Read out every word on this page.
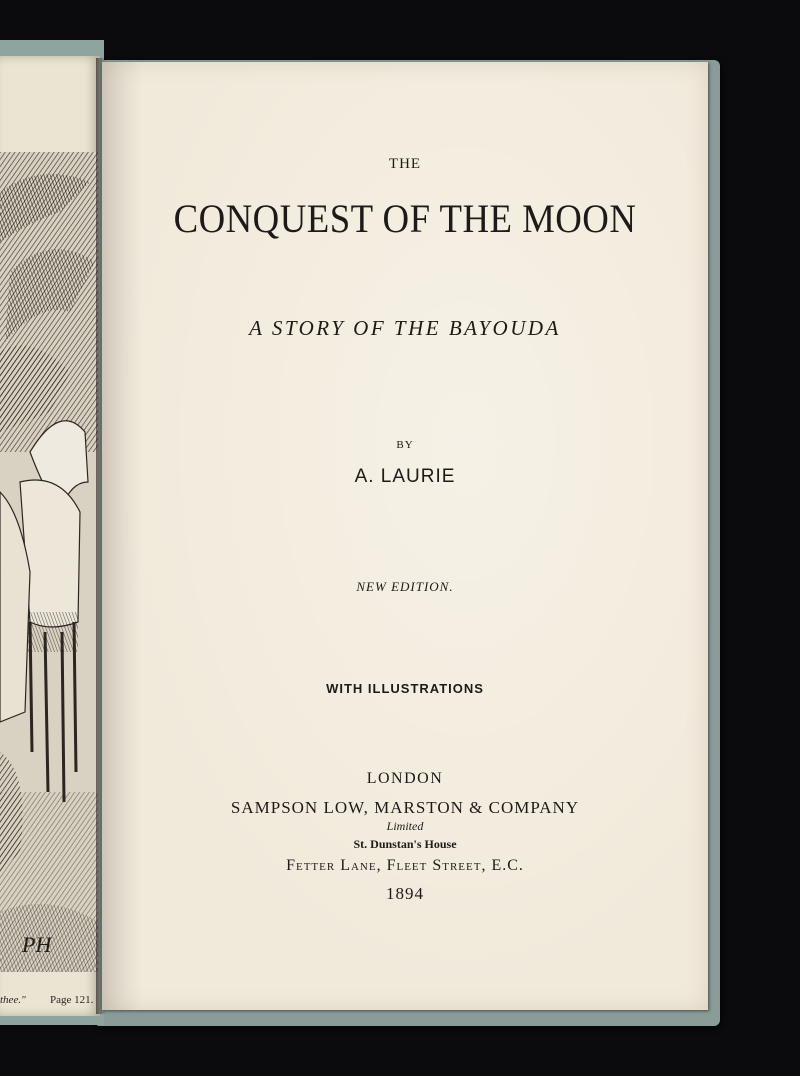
PH
thee." Page 121.
THE
CONQUEST OF THE MOON
A STORY OF THE BAYOUDA
BY
A. LAURIE
NEW EDITION.
WITH ILLUSTRATIONS
LONDON
SAMPSON LOW, MARSTON & COMPANY
Limited
St. Dunstan's House
Fetter Lane, Fleet Street, E.C.
1894
